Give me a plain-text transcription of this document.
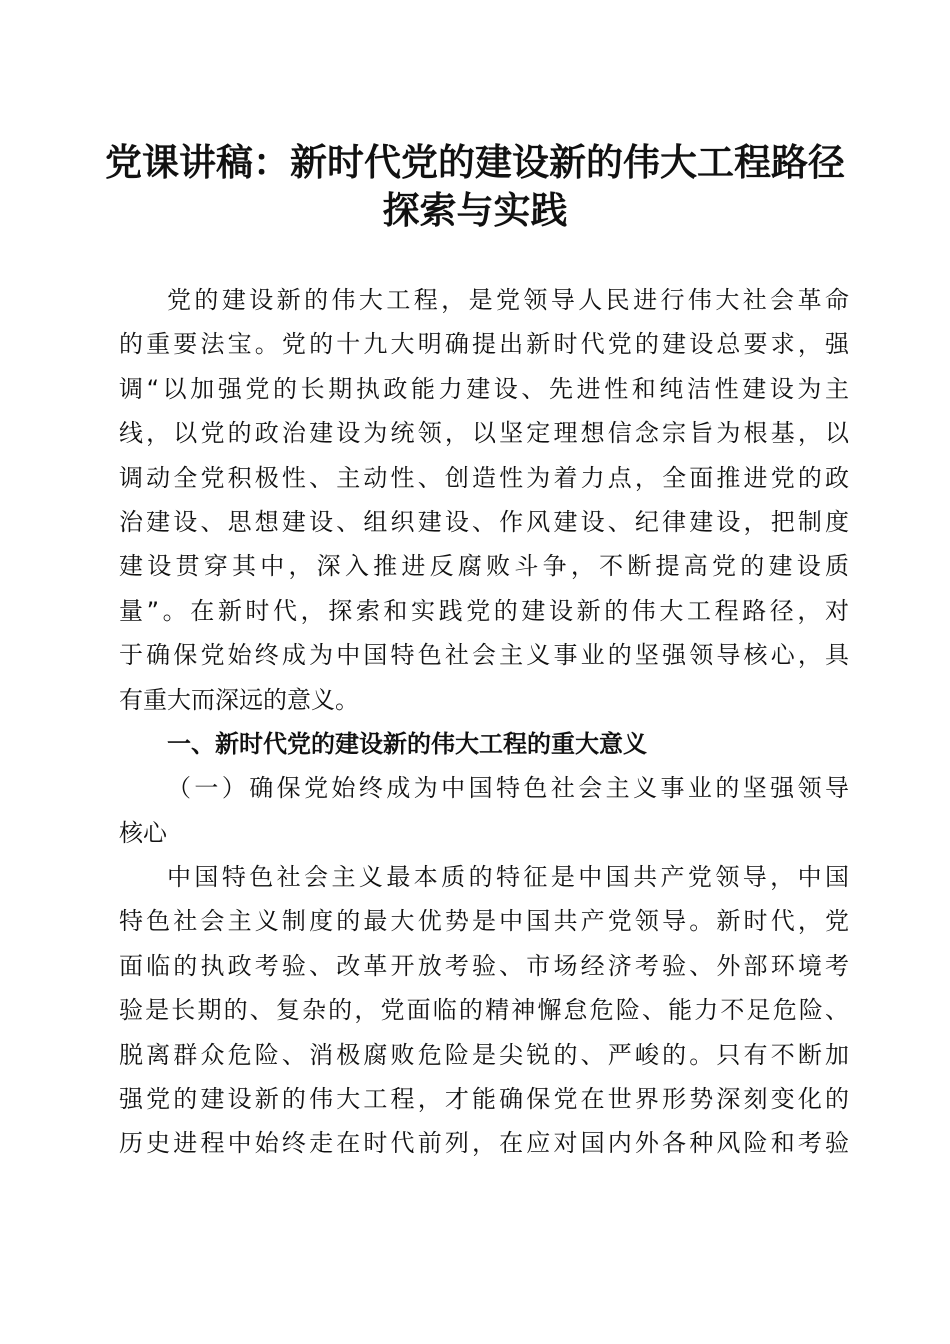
党课讲稿：新时代党的建设新的伟大工程路径
探索与实践

党的建设新的伟大工程，是党领导人民进行伟大社会革命

的重要法宝。党的十九大明确提出新时代党的建设总要求，强

调“以加强党的长期执政能力建设、先进性和纯洁性建设为主

线，以党的政治建设为统领，以坚定理想信念宗旨为根基，以

调动全党积极性、主动性、创造性为着力点，全面推进党的政

治建设、思想建设、组织建设、作风建设、纪律建设，把制度

建设贯穿其中，深入推进反腐败斗争，不断提高党的建设质

量”。在新时代，探索和实践党的建设新的伟大工程路径，对

于确保党始终成为中国特色社会主义事业的坚强领导核心，具

有重大而深远的意义。

一、新时代党的建设新的伟大工程的重大意义

（一）确保党始终成为中国特色社会主义事业的坚强领导

核心

中国特色社会主义最本质的特征是中国共产党领导，中国

特色社会主义制度的最大优势是中国共产党领导。新时代，党

面临的执政考验、改革开放考验、市场经济考验、外部环境考

验是长期的、复杂的，党面临的精神懈怠危险、能力不足危险、

脱离群众危险、消极腐败危险是尖锐的、严峻的。只有不断加

强党的建设新的伟大工程，才能确保党在世界形势深刻变化的

历史进程中始终走在时代前列，在应对国内外各种风险和考验
